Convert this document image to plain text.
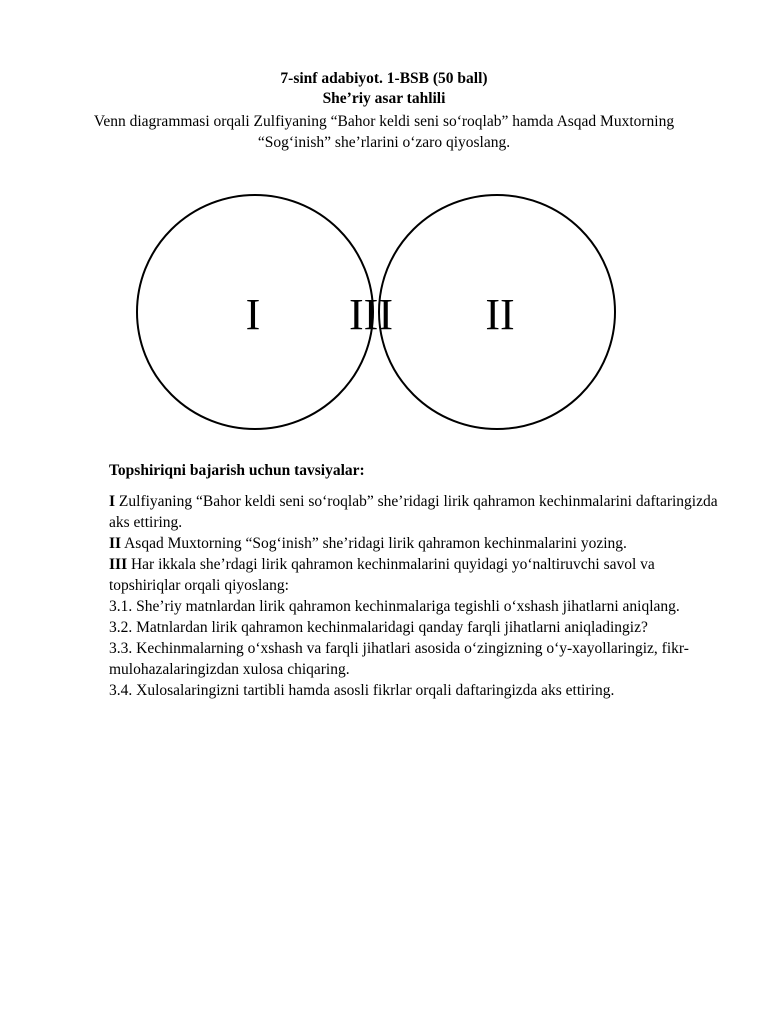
7-sinf adabiyot. 1-BSB (50 ball)
She’riy asar tahlili
Venn diagrammasi orqali Zulfiyaning “Bahor keldi seni so‘roqlab” hamda Asqad Muxtorning “Sog‘inish” she’rlarini o‘zaro qiyoslang.
I III II

Topshiriqni bajarish uchun tavsiyalar:

I Zulfiyaning “Bahor keldi seni so‘roqlab” she’ridagi lirik qahramon kechinmalarini daftaringizda aks ettiring.

II Asqad Muxtorning “Sog‘inish” she’ridagi lirik qahramon kechinmalarini yozing.

III Har ikkala she’rdagi lirik qahramon kechinmalarini quyidagi yo‘naltiruvchi savol va topshiriqlar orqali qiyoslang:

3.1. She’riy matnlardan lirik qahramon kechinmalariga tegishli o‘xshash jihatlarni aniqlang.

3.2. Matnlardan lirik qahramon kechinmalaridagi qanday farqli jihatlarni aniqladingiz?

3.3. Kechinmalarning o‘xshash va farqli jihatlari asosida o‘zingizning o‘y-xayollaringiz, fikr-mulohazalaringizdan xulosa chiqaring.

3.4. Xulosalaringizni tartibli hamda asosli fikrlar orqali daftaringizda aks ettiring.
